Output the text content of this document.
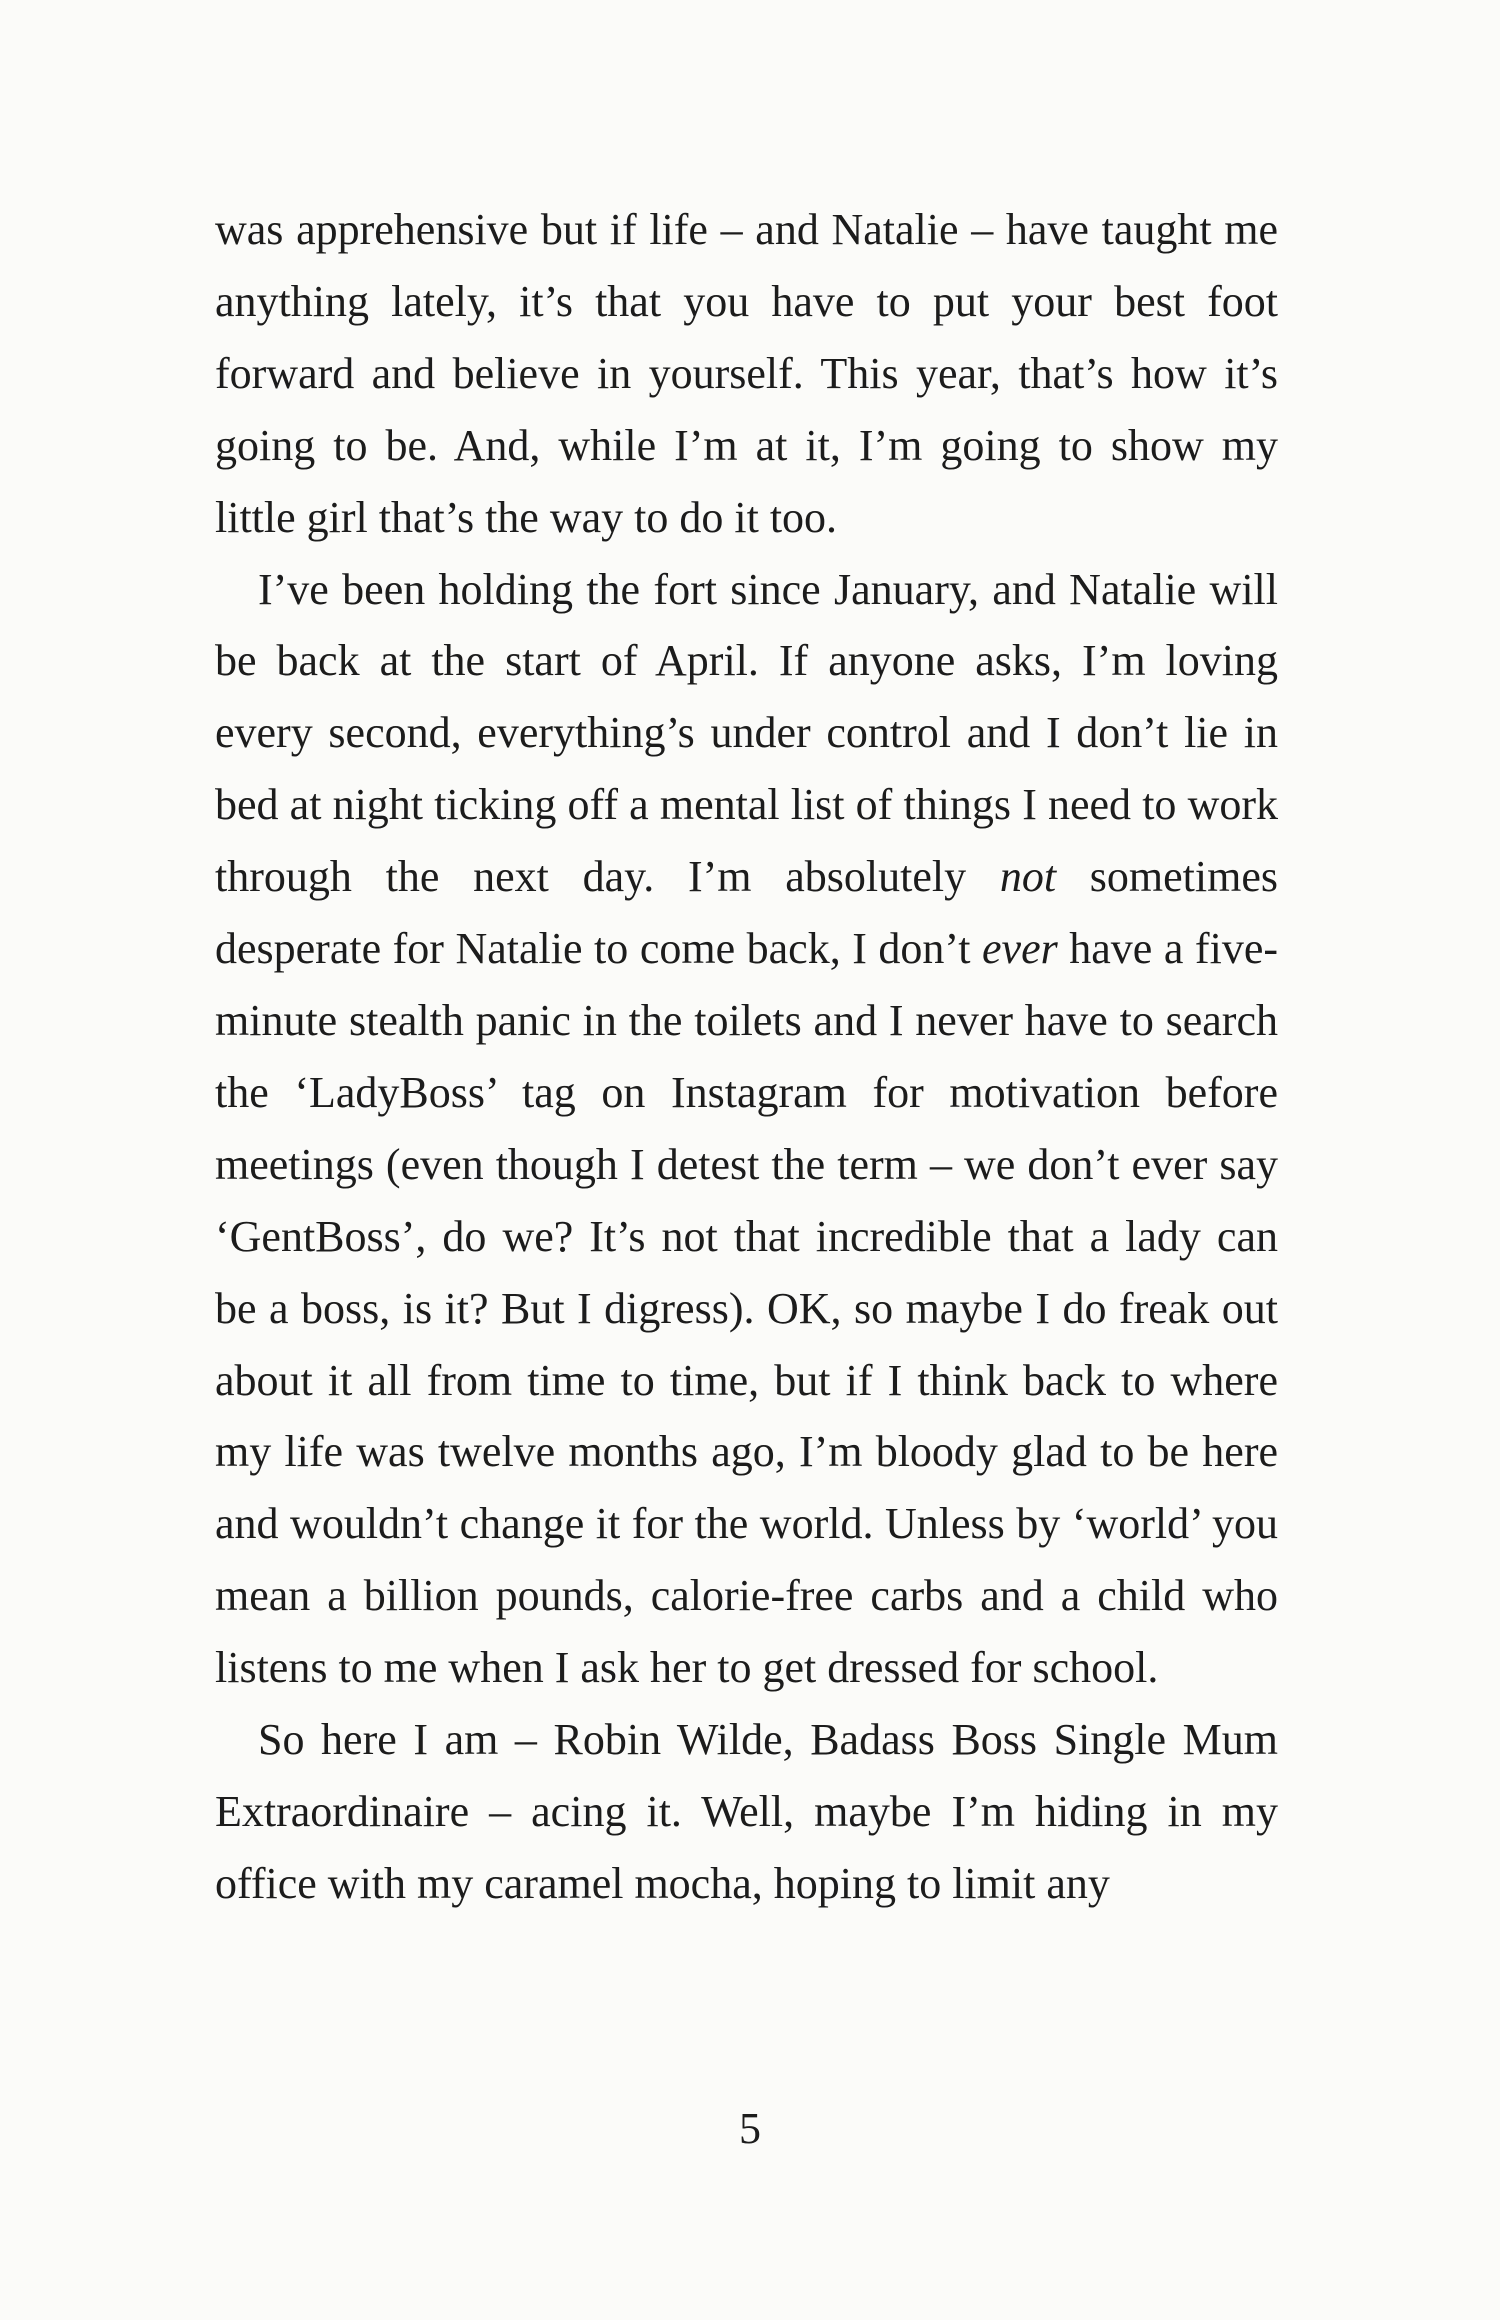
was apprehensive but if life – and Natalie – have taught me anything lately, it’s that you have to put your best foot forward and believe in yourself. This year, that’s how it’s going to be. And, while I’m at it, I’m going to show my little girl that’s the way to do it too.

I’ve been holding the fort since January, and Natalie will be back at the start of April. If anyone asks, I’m loving every second, everything’s under control and I don’t lie in bed at night ticking off a mental list of things I need to work through the next day. I’m absolutely not sometimes desperate for Natalie to come back, I don’t ever have a five-minute stealth panic in the toilets and I never have to search the ‘LadyBoss’ tag on Instagram for motivation before meetings (even though I detest the term – we don’t ever say ‘GentBoss’, do we? It’s not that incredible that a lady can be a boss, is it? But I digress). OK, so maybe I do freak out about it all from time to time, but if I think back to where my life was twelve months ago, I’m bloody glad to be here and wouldn’t change it for the world. Unless by ‘world’ you mean a billion pounds, calorie-free carbs and a child who listens to me when I ask her to get dressed for school.

So here I am – Robin Wilde, Badass Boss Single Mum Extraordinaire – acing it. Well, maybe I’m hiding in my office with my caramel mocha, hoping to limit any

5
